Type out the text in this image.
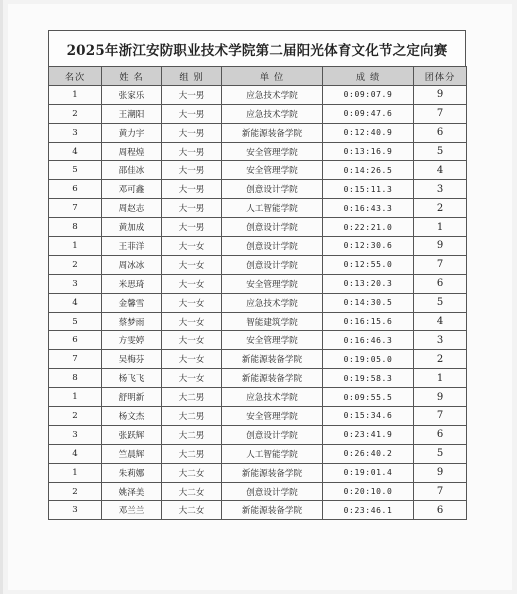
2025年浙江安防职业技术学院第二届阳光体育文化节之定向赛
名次	姓 名	组 别	单 位	成 绩	团体分
1	张家乐	大一男	应急技术学院	0:09:07.9	9
2	王潮阳	大一男	应急技术学院	0:09:47.6	7
3	黄力宇	大一男	新能源装备学院	0:12:40.9	6
4	周程煌	大一男	安全管理学院	0:13:16.9	5
5	邵佳冰	大一男	安全管理学院	0:14:26.5	4
6	邓可鑫	大一男	创意设计学院	0:15:11.3	3
7	周赵志	大一男	人工智能学院	0:16:43.3	2
8	黄加成	大一男	创意设计学院	0:22:21.0	1
1	王菲洋	大一女	创意设计学院	0:12:30.6	9
2	周冰冰	大一女	创意设计学院	0:12:55.0	7
3	米思琦	大一女	安全管理学院	0:13:20.3	6
4	金馨雪	大一女	应急技术学院	0:14:30.5	5
5	蔡梦雨	大一女	智能建筑学院	0:16:15.6	4
6	方雯婷	大一女	安全管理学院	0:16:46.3	3
7	吴梅芬	大一女	新能源装备学院	0:19:05.0	2
8	杨飞飞	大一女	新能源装备学院	0:19:58.3	1
1	舒明新	大二男	应急技术学院	0:09:55.5	9
2	杨文杰	大二男	安全管理学院	0:15:34.6	7
3	张跃辉	大二男	创意设计学院	0:23:41.9	6
4	竺晨辉	大二男	人工智能学院	0:26:40.2	5
1	朱莉娜	大二女	新能源装备学院	0:19:01.4	9
2	姚泽美	大二女	创意设计学院	0:20:10.0	7
3	邓兰兰	大二女	新能源装备学院	0:23:46.1	6
